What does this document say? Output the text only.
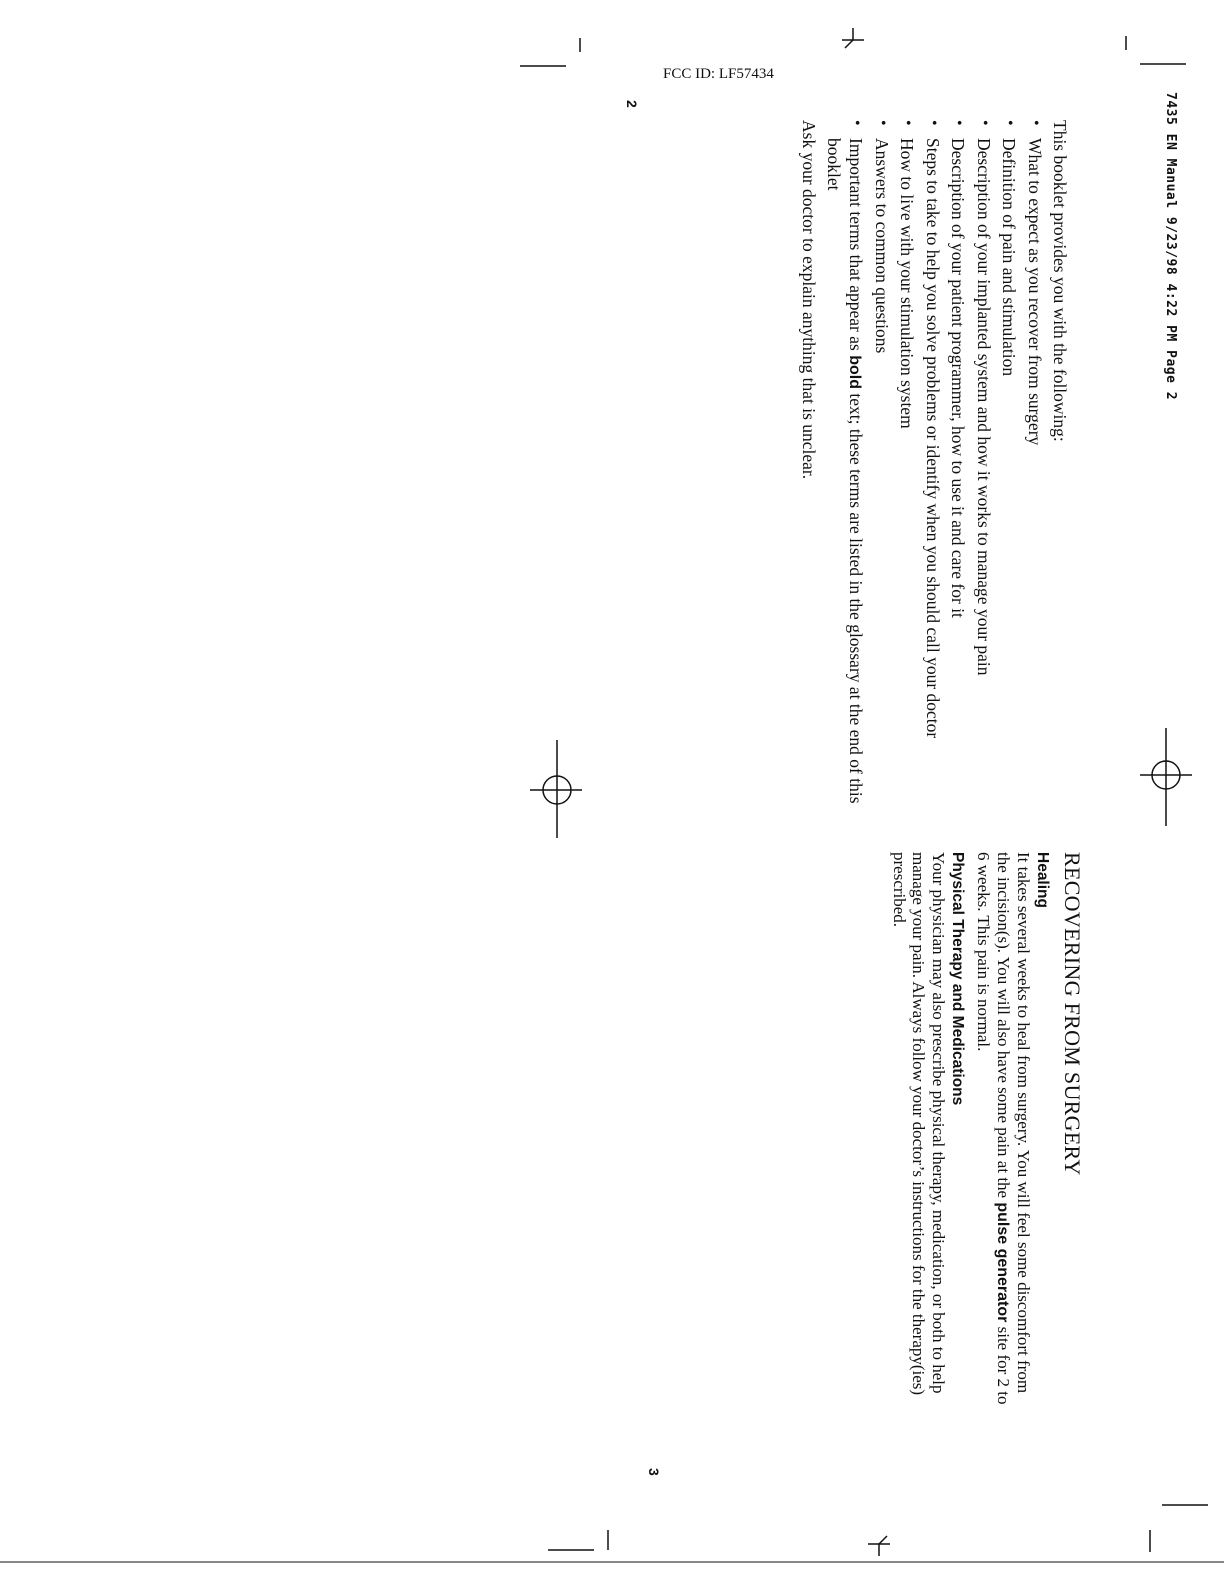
7435 EN Manual 9/23/98 4:22 PM Page 2
FCC ID: LF57434

This booklet provides you with the following:

• What to expect as you recover from surgery
• Definition of pain and stimulation
• Description of your implanted system and how it works to manage your pain
• Description of your patient programmer, how to use it and care for it
• Steps to take to help you solve problems or identify when you should call your doctor
• How to live with your stimulation system
• Answers to common questions
• Important terms that appear as bold text; these terms are listed in the glossary at the end of this booklet

Ask your doctor to explain anything that is unclear.

2
RECOVERING FROM SURGERY
Healing

It takes several weeks to heal from surgery. You will feel some discomfort from the incision(s). You will also have some pain at the pulse generator site for 2 to 6 weeks. This pain is normal.

Physical Therapy and Medications

Your physician may also prescribe physical therapy, medication, or both to help manage your pain. Always follow your doctor’s instructions for the therapy(ies) prescribed.

3
